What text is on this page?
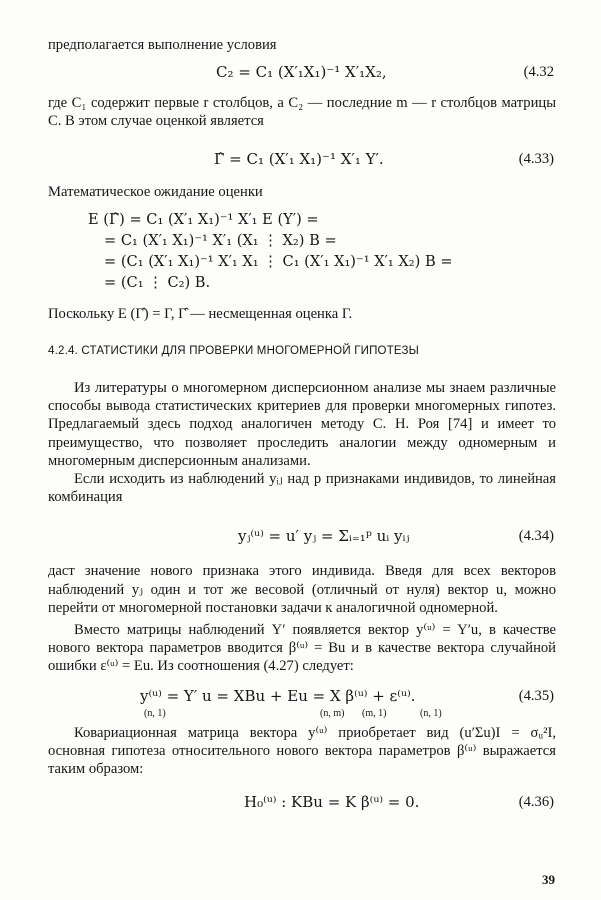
предполагается выполнение условия

C₂ = C₁ (X′₁X₁)⁻¹ X′₁X₂,	(4.32

где C₁ содержит первые r столбцов, а C₂ — последние m — r столбцов матрицы C. В этом случае оценкой является

Γ̂ = C₁ (X′₁ X₁)⁻¹ X′₁ Y′.	(4.33)

Математическое ожидание оценки

E (Γ̂) = C₁ (X′₁ X₁)⁻¹ X′₁ E (Y′) =
= C₁ (X′₁ X₁)⁻¹ X′₁ (X₁ ⋮ X₂) B =
= (C₁ (X′₁ X₁)⁻¹ X′₁ X₁ ⋮ C₁ (X′₁ X₁)⁻¹ X′₁ X₂) B =
= (C₁ ⋮ C₂) B.

Поскольку E (Γ̂) = Γ, Γ̂ — несмещенная оценка Γ.

4.2.4. СТАТИСТИКИ ДЛЯ ПРОВЕРКИ МНОГОМЕРНОЙ ГИПОТЕЗЫ

Из литературы о многомерном дисперсионном анализе мы знаем различные способы вывода статистических критериев для проверки многомерных гипотез. Предлагаемый здесь подход аналогичен методу С. Н. Роя [74] и имеет то преимущество, что позволяет проследить аналогии между одномерным и многомерным дисперсионным анализами.

Если исходить из наблюдений yᵢⱼ над p признаками индивидов, то линейная комбинация

yⱼ⁽ᵘ⁾ = u′ yⱼ = Σᵢ₌₁ᵖ uᵢ yᵢⱼ	(4.34)

даст значение нового признака этого индивида. Введя для всех векторов наблюдений yⱼ один и тот же весовой (отличный от нуля) вектор u, можно перейти от многомерной постановки задачи к аналогичной одномерной.

Вместо матрицы наблюдений Y′ появляется вектор y⁽ᵘ⁾ = Y′u, в качестве нового вектора параметров вводится β⁽ᵘ⁾ = Bu и в качестве вектора случайной ошибки ε⁽ᵘ⁾ = Eu. Из соотношения (4.27) следует:

y⁽ᵘ⁾ = Y′ u = XBu + Eu = X β⁽ᵘ⁾ + ε⁽ᵘ⁾.
(n, 1)	(n, m) (m, 1)	(n, 1)
(4.35)

Ковариационная матрица вектора y⁽ᵘ⁾ приобретает вид (u′Σu)I = σᵤ²I, основная гипотеза относительного нового вектора параметров β⁽ᵘ⁾ выражается таким образом:

H₀⁽ᵘ⁾ : KBu = K β⁽ᵘ⁾ = 0.	(4.36)
39
